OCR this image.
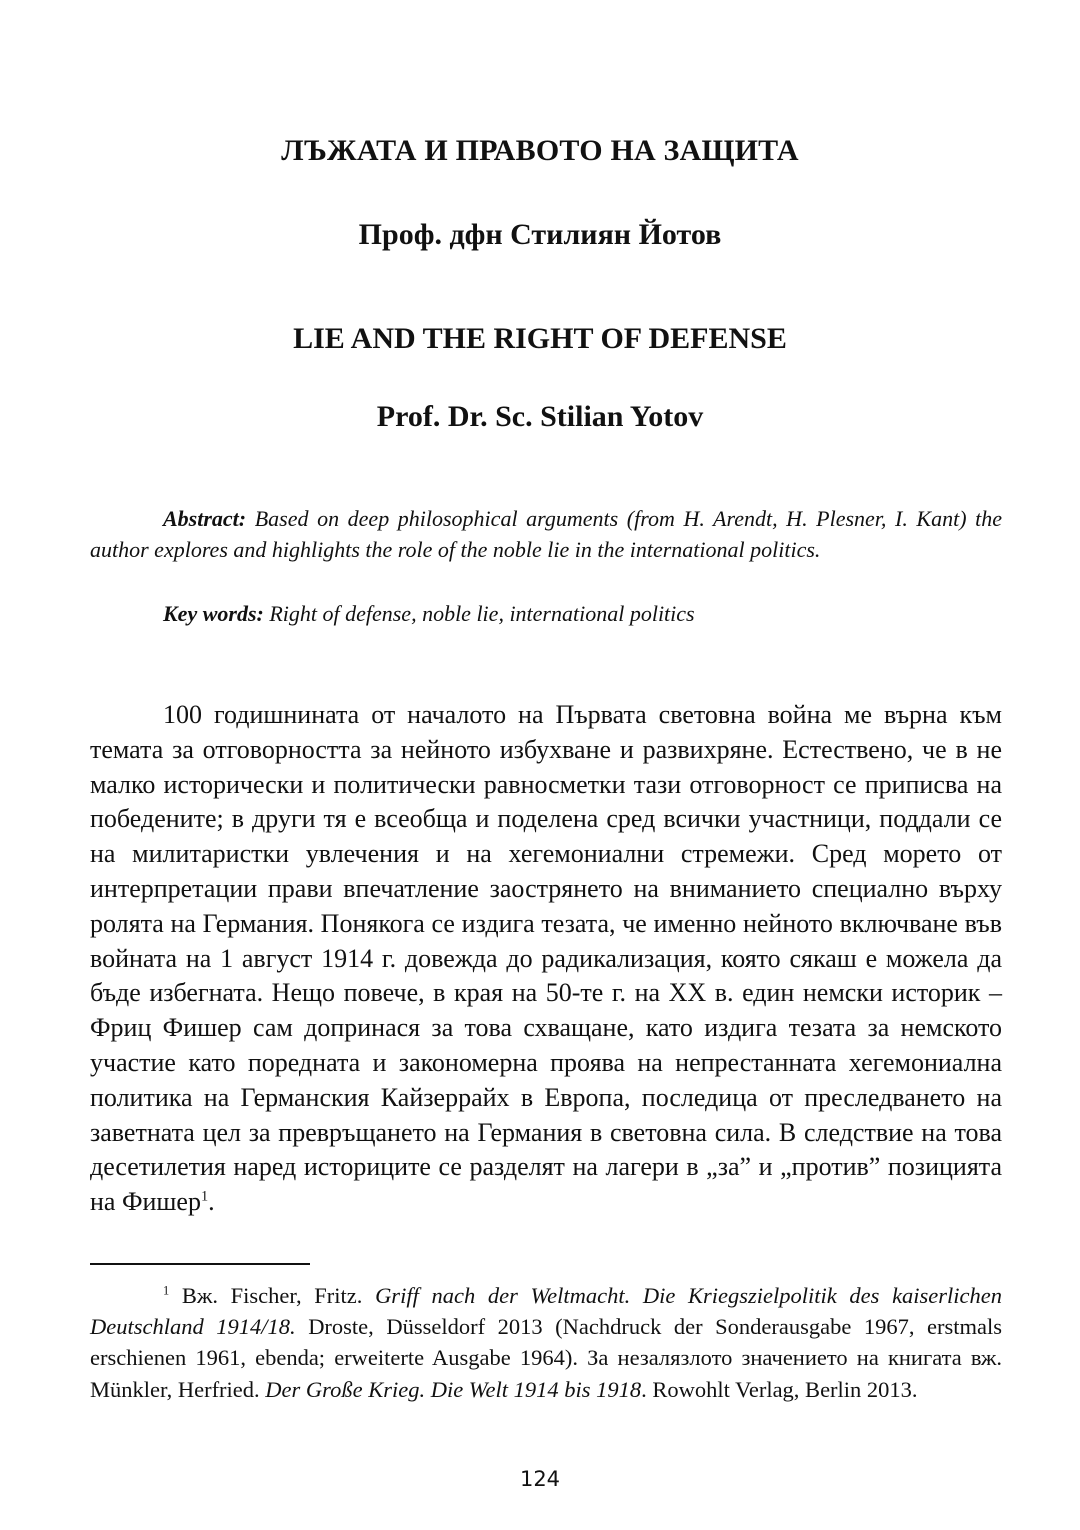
ЛЪЖАТА И ПРАВОТО НА ЗАЩИТА
Проф. дфн Стилиян Йотов
LIE AND THE RIGHT OF DEFENSE
Prof. Dr. Sc. Stilian Yotov

Abstract: Based on deep philosophical arguments (from H. Arendt, H. Plesner, I. Kant) the author explores and highlights the role of the noble lie in the international politics.

Key words: Right of defense, noble lie, international politics

100 годишнината от началото на Първата световна война ме върна към темата за отговорността за нейното избухване и развихряне. Естествено, че в не малко исторически и политически равносметки тази отговорност се приписва на победените; в други тя е всеобща и поделена сред всички участници, поддали се на милитаристки увлечения и на хегемониални стремежи. Сред морето от интерпретации прави впечатление заострянето на вниманието специално върху ролята на Германия. Понякога се издига тезата, че именно нейното включване във войната на 1 август 1914 г. довежда до радикализация, която сякаш е можела да бъде избегната. Нещо повече, в края на 50-те г. на XX в. един немски историк – Фриц Фишер сам допринася за това схващане, като издига тезата за немското участие като поредната и закономерна проява на непрестанната хегемониална политика на Германския Кайзеррайх в Европа, последица от преследването на заветната цел за превръщането на Германия в световна сила. В следствие на това десетилетия наред историците се разделят на лагери в „за” и „против” позицията на Фишер$^1$.

$^1$ Вж. Fischer, Fritz. Griff nach der Weltmacht. Die Kriegszielpolitik des kaiserlichen Deutschland 1914/18. Droste, Düsseldorf 2013 (Nachdruck der Sonderausgabe 1967, erstmals erschienen 1961, ebenda; erweiterte Ausgabe 1964). За незалязлото значението на книгата вж. Münkler, Herfried. Der Große Krieg. Die Welt 1914 bis 1918. Rowohlt Verlag, Berlin 2013.

124
